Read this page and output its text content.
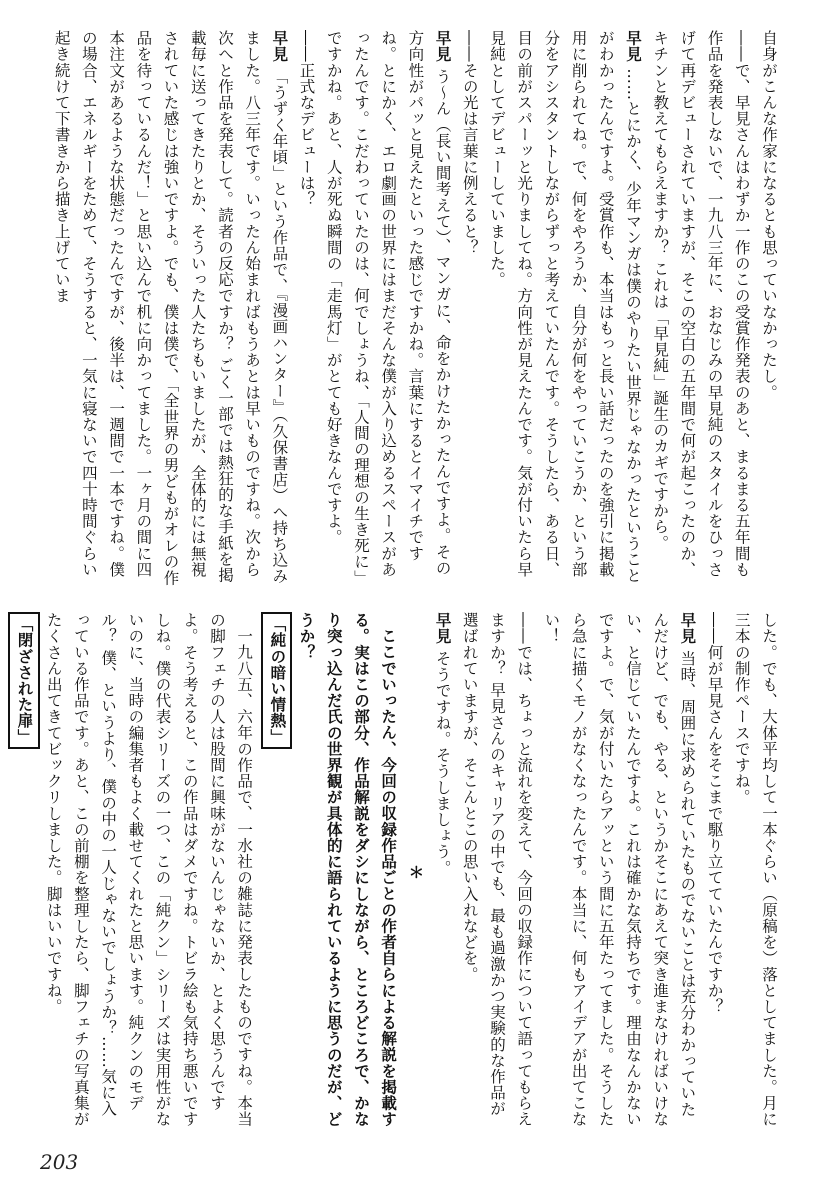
自身がこんな作家になるとも思っていなかったし。

――で、早見さんはわずか一作のこの受賞作発表のあと、まるまる五年間も作品を発表しないで、一九八三年に、おなじみの早見純のスタイルをひっさげて再デビューされていますが、そこの空白の五年間で何が起こったのか、キチンと教えてもらえますか？ これは「早見純」誕生のカギですから。

早見……とにかく、少年マンガは僕のやりたい世界じゃなかったということがわかったんですよ。受賞作も、本当はもっと長い話だったのを強引に掲載用に削られてね。で、何をやろうか、自分が何をやっていこうか、という部分をアシスタントしながらずっと考えていたんです。そうしたら、ある日、目の前がスパーッと光りましてね。方向性が見えたんです。気が付いたら早見純としてデビューしていました。

――その光は言葉に例えると？

早見う〜ん（長い間考えて）、マンガに、命をかけたかったんですよ。その方向性がパッと見えたといった感じですかね。言葉にするとイマイチですね。とにかく、エロ劇画の世界にはまだそんな僕が入り込めるスペースがあったんです。こだわっていたのは、何でしょうね、「人間の理想の生き死に」ですかね。あと、人が死ぬ瞬間の「走馬灯」がとても好きなんですよ。

――正式なデビューは？

早見「うずく年頃」という作品で、『漫画ハンター』（久保書店）へ持ち込みました。八三年です。いったん始まればもうあとは早いものですね。次から次へと作品を発表して。読者の反応ですか？ ごく一部では熱狂的な手紙を掲載毎に送ってきたりとか、そういった人たちもいましたが、全体的には無視されていた感じは強いですよ。でも、僕は僕で、「全世界の男どもがオレの作品を待っているんだ！」と思い込んで机に向かってました。一ヶ月の間に四本注文があるような状態だったんですが、後半は、一週間で一本ですね。僕の場合、エネルギーをためて、そうすると、一気に寝ないで四十時間ぐらい起き続けて下書きから描き上げていま

した。でも、大体平均して一本ぐらい（原稿を）落としてました。月に三本の制作ペースですね。

――何が早見さんをそこまで駆り立てていたんですか？

早見当時、周囲に求められていたものでないことは充分わかっていたんだけど、でも、やる、というかそこにあえて突き進まなければいけない、と信じていたんですよ。これは確かな気持ちです。理由なんかないですよ。で、気が付いたらアッという間に五年たってました。そうしたら急に描くモノがなくなったんです。本当に、何もアイデアが出てこない！

――では、ちょっと流れを変えて、今回の収録作について語ってもらえますか？ 早見さんのキャリアの中でも、最も過激かつ実験的な作品が選ばれていますが、そこんとこの思い入れなどを。

早見そうですね。そうしましょう。

＊

ここでいったん、今回の収録作品ごとの作者自らによる解説を掲載する。実はこの部分、作品解説をダシにしながら、ところどころで、かなり突っ込んだ氏の世界観が具体的に語られているように思うのだが、どうか？

「純の暗い情熱」

一九八五、六年の作品で、一水社の雑誌に発表したものですね。本当の脚フェチの人は股間に興味がないんじゃないか、とよく思うんですよ。そう考えると、この作品はダメですね。トビラ絵も気持ち悪いですしね。僕の代表シリーズの一つ、この「純クン」シリーズは実用性がないのに、当時の編集者もよく載せてくれたと思います。純クンのモデル？ 僕、というより、僕の中の一人じゃないでしょうか？……気に入っている作品です。あと、この前棚を整理したら、脚フェチの写真集がたくさん出てきてビックリしました。脚はいいですね。

「閉ざされた扉」

203
